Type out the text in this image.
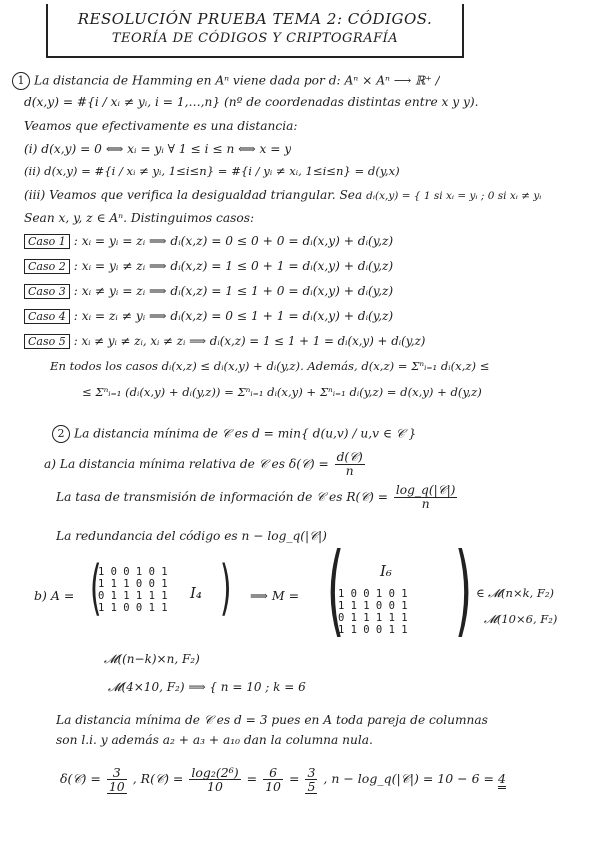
RESOLUCIÓN PRUEBA TEMA 2: CÓDIGOS.
TEORÍA DE CÓDIGOS Y CRIPTOGRAFÍA
1 La distancia de Hamming en Aⁿ viene dada por d: Aⁿ × Aⁿ ⟶ ℝ⁺ /
d(x,y) = #{i / xᵢ ≠ yᵢ, i = 1,…,n} (nº de coordenadas distintas entre x y y).
Veamos que efectivamente es una distancia:
(i) d(x,y) = 0 ⟺ xᵢ = yᵢ ∀ 1 ≤ i ≤ n ⟺ x = y
(ii) d(x,y) = #{i / xᵢ ≠ yᵢ, 1≤i≤n} = #{i / yᵢ ≠ xᵢ, 1≤i≤n} = d(y,x)
(iii) Veamos que verifica la desigualdad triangular. Sea dᵢ(x,y) = { 1 si xᵢ = yᵢ ; 0 si xᵢ ≠ yᵢ
Sean x, y, z ∈ Aⁿ. Distinguimos casos:
Caso 1 : xᵢ = yᵢ = zᵢ ⟹ dᵢ(x,z) = 0 ≤ 0 + 0 = dᵢ(x,y) + dᵢ(y,z)
Caso 2 : xᵢ = yᵢ ≠ zᵢ ⟹ dᵢ(x,z) = 1 ≤ 0 + 1 = dᵢ(x,y) + dᵢ(y,z)
Caso 3 : xᵢ ≠ yᵢ = zᵢ ⟹ dᵢ(x,z) = 1 ≤ 1 + 0 = dᵢ(x,y) + dᵢ(y,z)
Caso 4 : xᵢ = zᵢ ≠ yᵢ ⟹ dᵢ(x,z) = 0 ≤ 1 + 1 = dᵢ(x,y) + dᵢ(y,z)
Caso 5 : xᵢ ≠ yᵢ ≠ zᵢ, xᵢ ≠ zᵢ ⟹ dᵢ(x,z) = 1 ≤ 1 + 1 = dᵢ(x,y) + dᵢ(y,z)
En todos los casos dᵢ(x,z) ≤ dᵢ(x,y) + dᵢ(y,z). Además, d(x,z) = Σⁿᵢ₌₁ dᵢ(x,z) ≤
≤ Σⁿᵢ₌₁ (dᵢ(x,y) + dᵢ(y,z)) = Σⁿᵢ₌₁ dᵢ(x,y) + Σⁿᵢ₌₁ dᵢ(y,z) = d(x,y) + d(y,z)
2 La distancia mínima de 𝒞 es d = min{ d(u,v) / u,v ∈ 𝒞 }
a) La distancia mínima relativa de 𝒞 es δ(𝒞) = $\frac{\text{d(𝒞)}}{n}$
La tasa de transmisión de información de 𝒞 es R(𝒞) = $\frac{\text{log\_q(|𝒞|)}}{n}$
La redundancia del código es n − log_q(|𝒞|)
b) A = (
1 0 0 1 0 1
1 1 1 0 0 1
0 1 1 1 1 1
1 1 0 0 1 1
I₄ ) ⟹ M = ( I₆
1 0 0 1 0 1
1 1 1 0 0 1
0 1 1 1 1 1
1 1 0 0 1 1 ) ∈ 𝓜(n×k, F₂)
𝓜(10×6, F₂)
𝓜((n−k)×n, F₂)
𝓜(4×10, F₂) ⟹ { n = 10 ; k = 6
La distancia mínima de 𝒞 es d = 3 pues en A toda pareja de columnas
son l.i. y además a₂ + a₃ + a₁₀ dan la columna nula.
δ(𝒞) = $\frac{3}{10}$ , R(𝒞) = $\frac{\text{log₂(2⁶)}}{10} = \frac{6}{10} = \frac{3}{5}$ , n − log_q(|𝒞|) = 10 − 6 = 4
